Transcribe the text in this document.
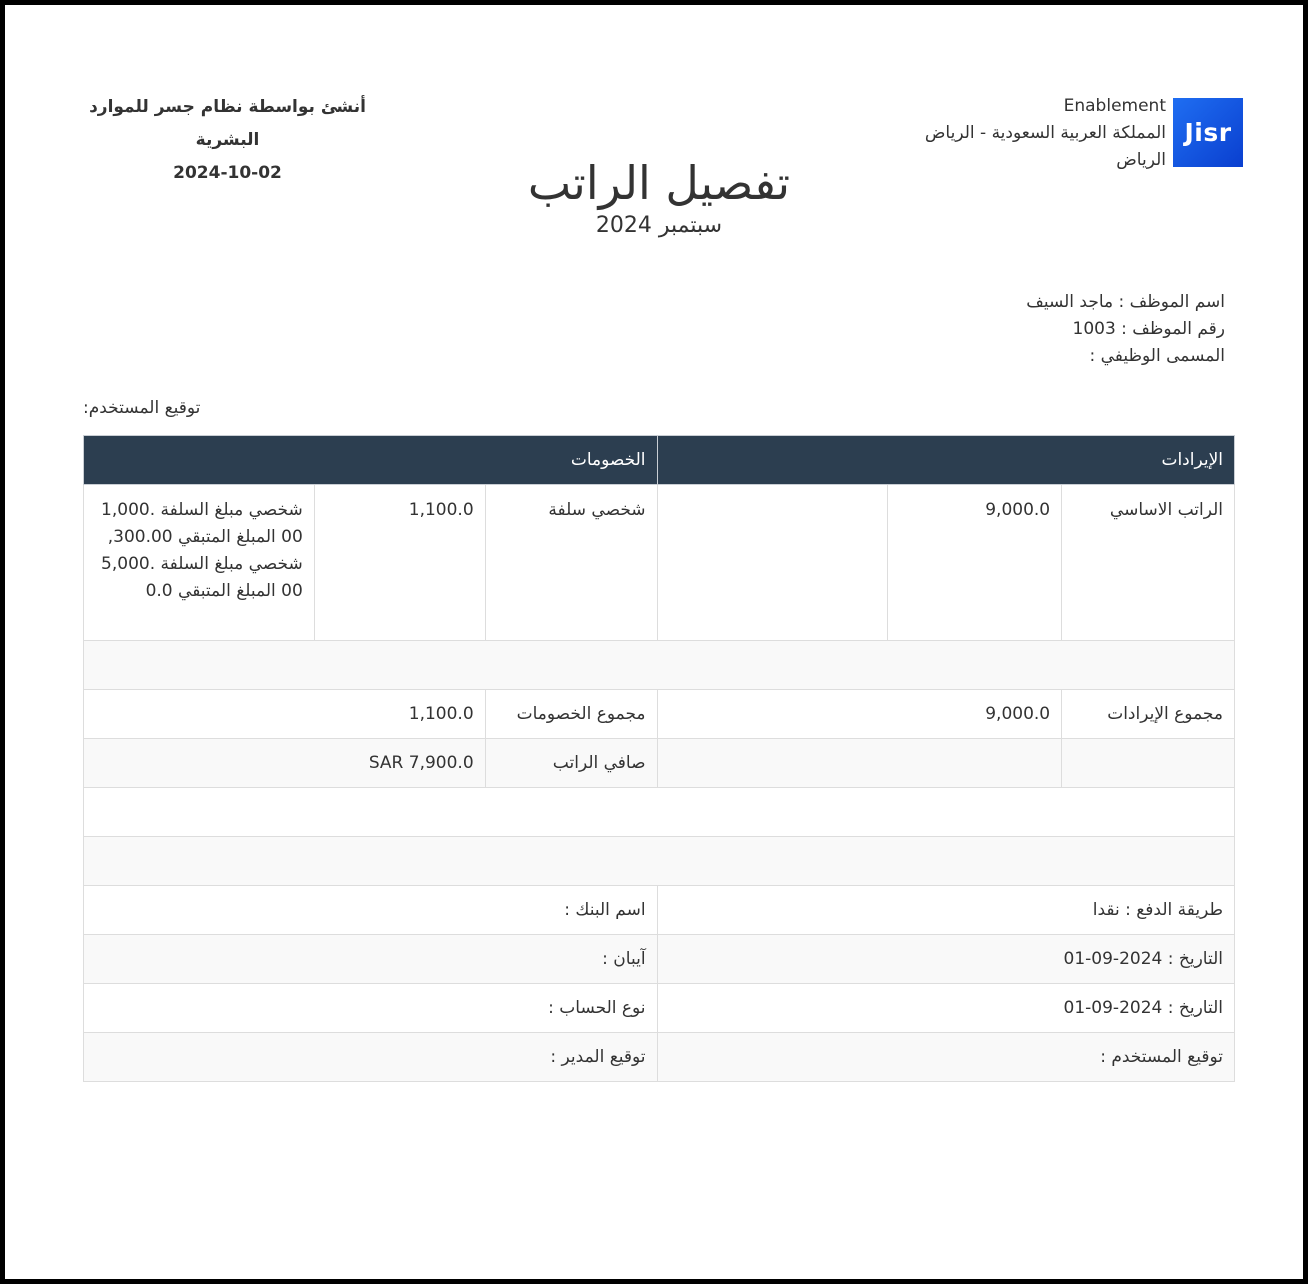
Jisr
Enablement
المملكة العربية السعودية - الرياض
الرياض
أنشئ بواسطة نظام جسر للموارد البشرية
2024-10-02	تفصيل الراتب
سبتمبر 2024
اسم الموظف : ماجد السيف
رقم الموظف : 1003
المسمى الوظيفي :
توقيع المستخدم:
الإيرادات			الخصومات		
الراتب الاساسي	9,000.0		شخصي سلفة	1,100.0	شخصي مبلغ السلفة 1,000.00 المبلغ المتبقي 300.00, شخصي مبلغ السلفة 5,000.00 المبلغ المتبقي 0.0

مجموع الإيرادات	9,000.0		مجموع الخصومات	1,100.0	
			صافي الراتب	SAR 7,900.0	

طريقة الدفع : نقدا			اسم البنك :		
التاريخ : 2024-09-01			آيبان :		
التاريخ : 2024-09-01			نوع الحساب :		
توقيع المستخدم :			توقيع المدير :		
